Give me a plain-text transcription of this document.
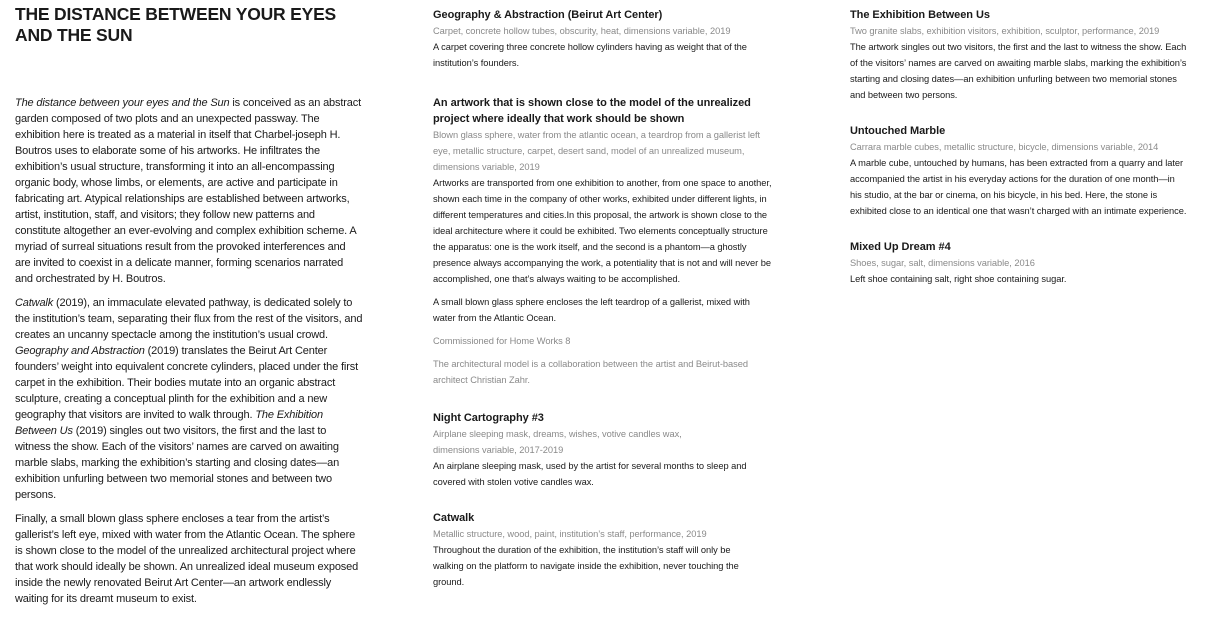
THE DISTANCE BETWEEN YOUR EYES AND THE SUN

The distance between your eyes and the Sun is conceived as an abstract garden composed of two plots and an unexpected passway. The exhibition here is treated as a material in itself that Charbel-joseph H. Boutros uses to elaborate some of his artworks. He infiltrates the exhibition’s usual structure, transforming it into an all-encompassing organic body, whose limbs, or elements, are active and participate in fabricating art. Atypical relationships are established between artworks, artist, institution, staff, and visitors; they follow new patterns and constitute altogether an ever-evolving and complex exhibition scheme. A myriad of surreal situations result from the provoked interferences and are invited to coexist in a delicate manner, forming scenarios narrated and orchestrated by H. Boutros.

Catwalk (2019), an immaculate elevated pathway, is dedicated solely to the institution’s team, separating their flux from the rest of the visitors, and creates an uncanny spectacle among the institution’s usual crowd. Geography and Abstraction (2019) translates the Beirut Art Center founders’ weight into equivalent concrete cylinders, placed under the first carpet in the exhibition. Their bodies mutate into an organic abstract sculpture, creating a conceptual plinth for the exhibition and a new geography that visitors are invited to walk through. The Exhibition Between Us (2019) singles out two visitors, the first and the last to witness the show. Each of the visitors’ names are carved on awaiting marble slabs, marking the exhibition’s starting and closing dates—an exhibition unfurling between two memorial stones and between two persons.

Finally, a small blown glass sphere encloses a tear from the artist’s gallerist’s left eye, mixed with water from the Atlantic Ocean. The sphere is shown close to the model of the unrealized architectural project where that work should ideally be shown. An unrealized ideal museum exposed inside the newly renovated Beirut Art Center—an artwork endlessly waiting for its dreamt museum to exist.

Geography & Abstraction (Beirut Art Center)
Carpet, concrete hollow tubes, obscurity, heat, dimensions variable, 2019
A carpet covering three concrete hollow cylinders having as weight that of the institution’s founders.
An artwork that is shown close to the model of the unrealized project where ideally that work should be shown
Blown glass sphere, water from the atlantic ocean, a teardrop from a gallerist left eye, metallic structure, carpet, desert sand, model of an unrealized museum, dimensions variable, 2019
Artworks are transported from one exhibition to another, from one space to another, shown each time in the company of other works, exhibited under different lights, in different temperatures and cities.In this proposal, the artwork is shown close to the ideal architecture where it could be exhibited. Two elements conceptually structure the apparatus: one is the work itself, and the second is a phantom—a ghostly presence always accompanying the work, a potentiality that is not and will never be accomplished, one that’s always waiting to be accomplished.
A small blown glass sphere encloses the left teardrop of a gallerist, mixed with water from the Atlantic Ocean.
Commissioned for Home Works 8
The architectural model is a collaboration between the artist and Beirut-based architect Christian Zahr.
Night Cartography #3
Airplane sleeping mask, dreams, wishes, votive candles wax, dimensions variable, 2017-2019
An airplane sleeping mask, used by the artist for several months to sleep and covered with stolen votive candles wax.
Catwalk
Metallic structure, wood, paint, institution’s staff, performance, 2019
Throughout the duration of the exhibition, the institution’s staff will only be walking on the platform to navigate inside the exhibition, never touching the ground.
The Exhibition Between Us
Two granite slabs, exhibition visitors, exhibition, sculptor, performance, 2019
The artwork singles out two visitors, the first and the last to witness the show. Each of the visitors’ names are carved on awaiting marble slabs, marking the exhibition’s starting and closing dates—an exhibition unfurling between two memorial stones and between two persons.
Untouched Marble
Carrara marble cubes, metallic structure, bicycle, dimensions variable, 2014
A marble cube, untouched by humans, has been extracted from a quarry and later accompanied the artist in his everyday actions for the duration of one month—in his studio, at the bar or cinema, on his bicycle, in his bed. Here, the stone is exhibited close to an identical one that wasn’t charged with an intimate experience.
Mixed Up Dream #4
Shoes, sugar, salt, dimensions variable, 2016
Left shoe containing salt, right shoe containing sugar.
